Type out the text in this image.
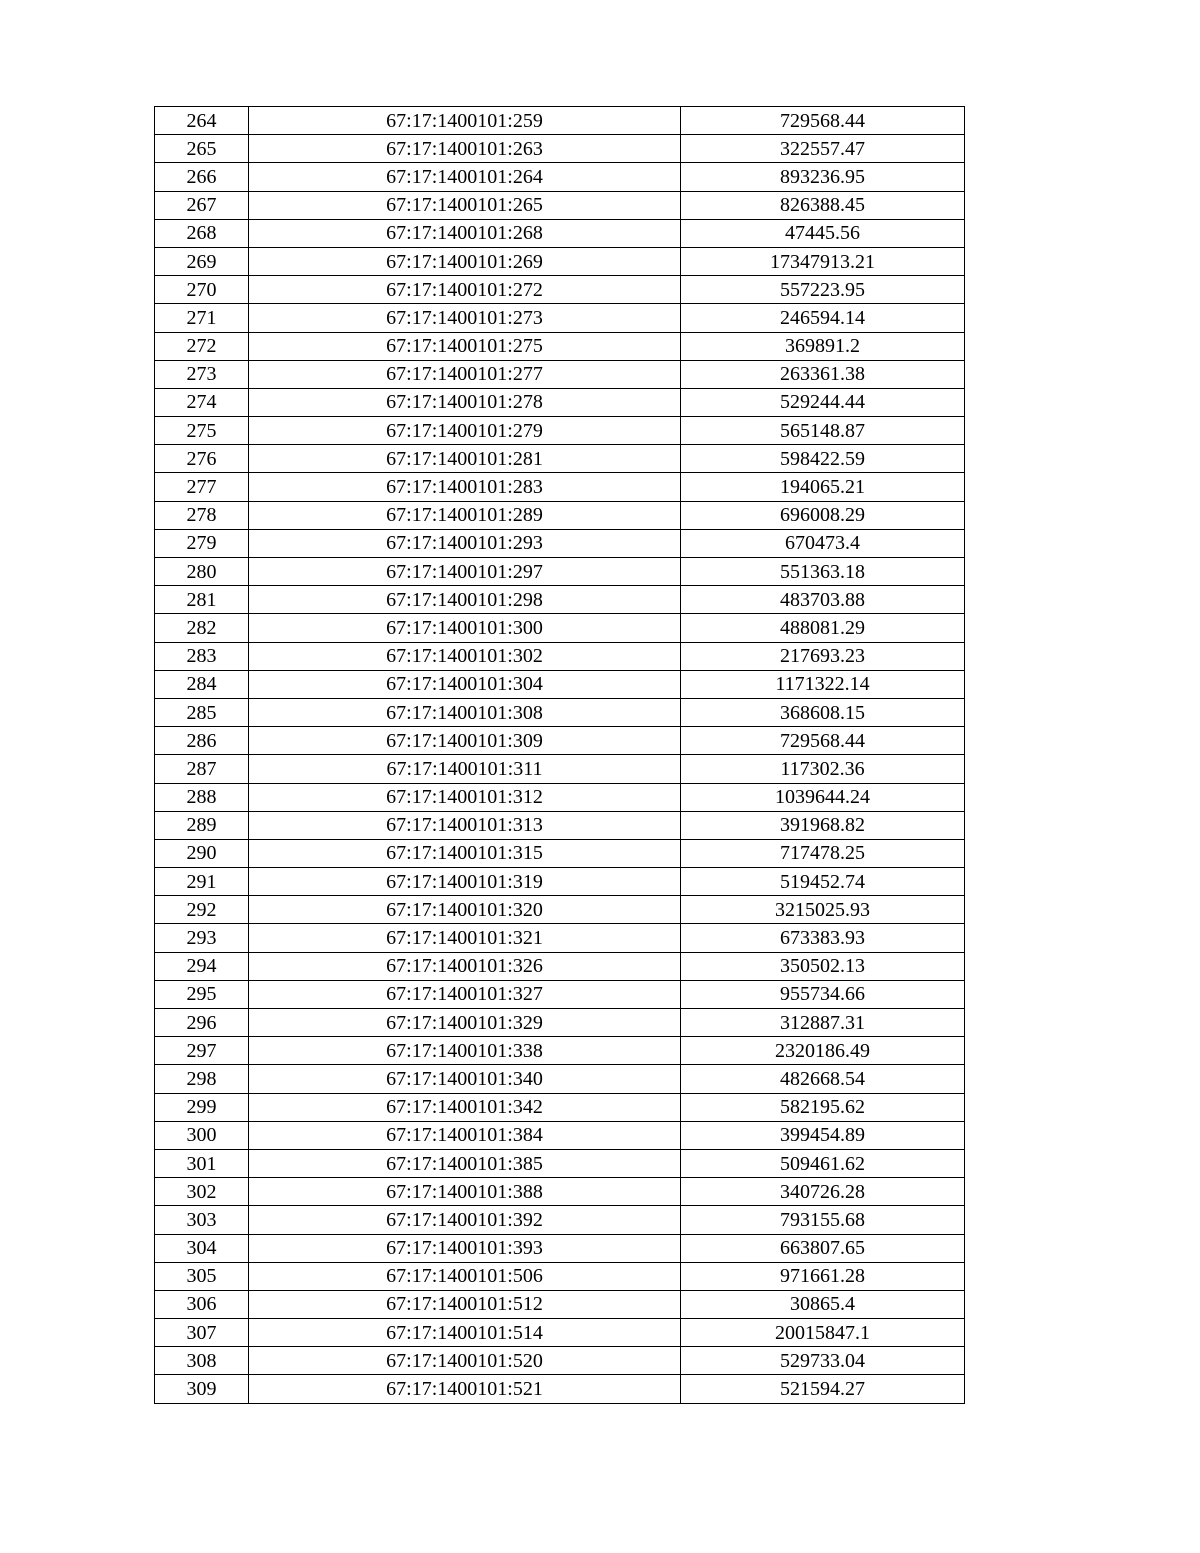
264	67:17:1400101:259	729568.44
265	67:17:1400101:263	322557.47
266	67:17:1400101:264	893236.95
267	67:17:1400101:265	826388.45
268	67:17:1400101:268	47445.56
269	67:17:1400101:269	17347913.21
270	67:17:1400101:272	557223.95
271	67:17:1400101:273	246594.14
272	67:17:1400101:275	369891.2
273	67:17:1400101:277	263361.38
274	67:17:1400101:278	529244.44
275	67:17:1400101:279	565148.87
276	67:17:1400101:281	598422.59
277	67:17:1400101:283	194065.21
278	67:17:1400101:289	696008.29
279	67:17:1400101:293	670473.4
280	67:17:1400101:297	551363.18
281	67:17:1400101:298	483703.88
282	67:17:1400101:300	488081.29
283	67:17:1400101:302	217693.23
284	67:17:1400101:304	1171322.14
285	67:17:1400101:308	368608.15
286	67:17:1400101:309	729568.44
287	67:17:1400101:311	117302.36
288	67:17:1400101:312	1039644.24
289	67:17:1400101:313	391968.82
290	67:17:1400101:315	717478.25
291	67:17:1400101:319	519452.74
292	67:17:1400101:320	3215025.93
293	67:17:1400101:321	673383.93
294	67:17:1400101:326	350502.13
295	67:17:1400101:327	955734.66
296	67:17:1400101:329	312887.31
297	67:17:1400101:338	2320186.49
298	67:17:1400101:340	482668.54
299	67:17:1400101:342	582195.62
300	67:17:1400101:384	399454.89
301	67:17:1400101:385	509461.62
302	67:17:1400101:388	340726.28
303	67:17:1400101:392	793155.68
304	67:17:1400101:393	663807.65
305	67:17:1400101:506	971661.28
306	67:17:1400101:512	30865.4
307	67:17:1400101:514	20015847.1
308	67:17:1400101:520	529733.04
309	67:17:1400101:521	521594.27
